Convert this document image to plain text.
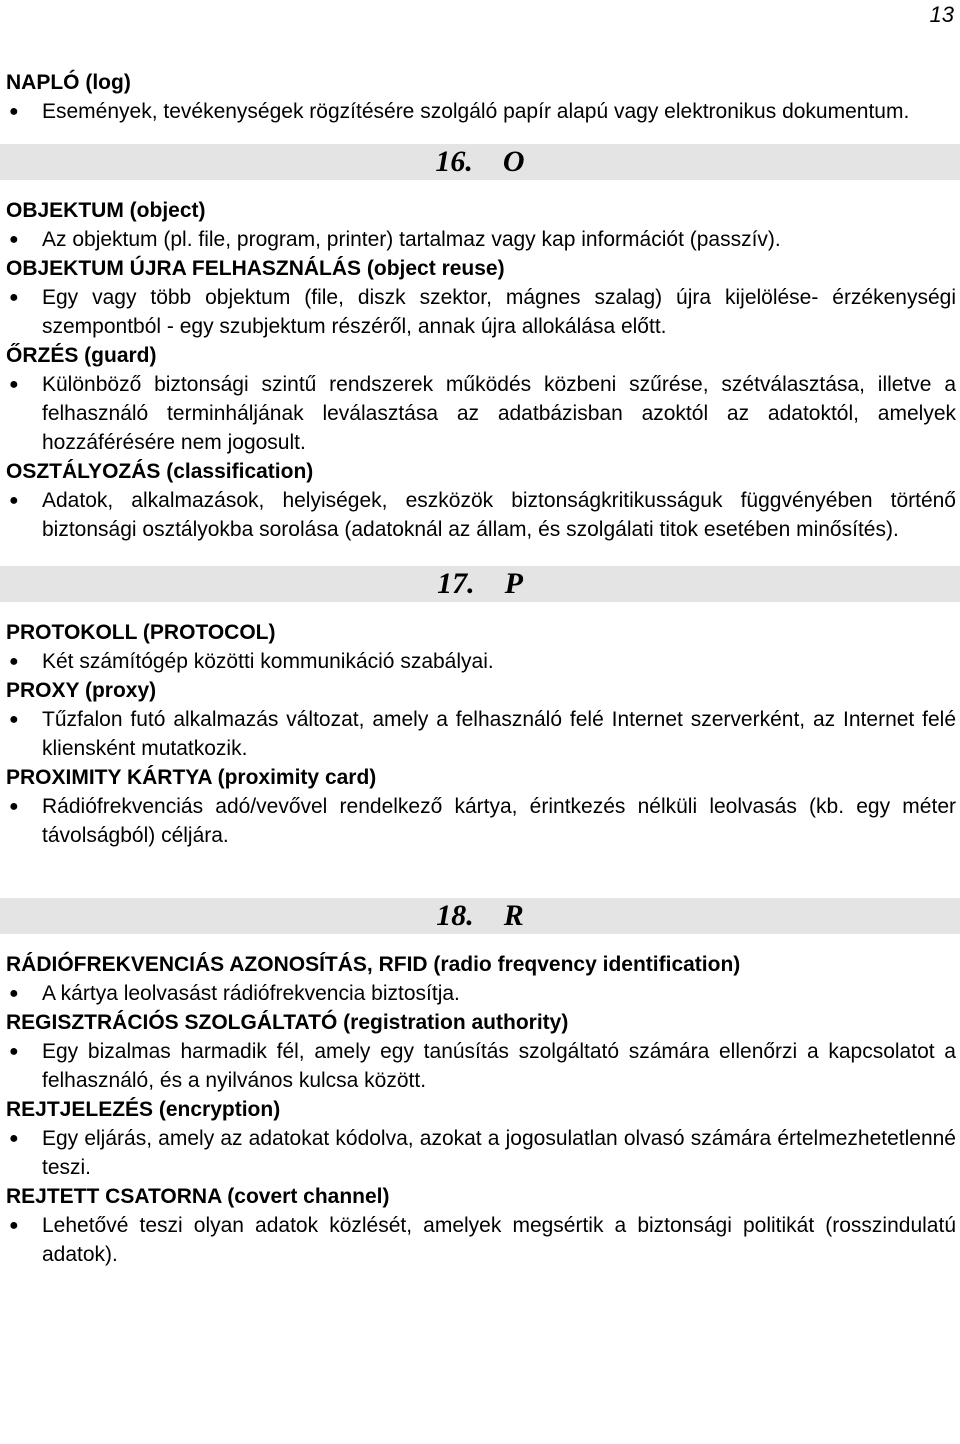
13

NAPLÓ (log)

● Események, tevékenységek rögzítésére szolgáló papír alapú vagy elektronikus dokumentum.

16. O

OBJEKTUM (object)

● Az objektum (pl. file, program, printer) tartalmaz vagy kap információt (passzív).

OBJEKTUM ÚJRA FELHASZNÁLÁS (object reuse)

● Egy vagy több objektum (file, diszk szektor, mágnes szalag) újra kijelölése- érzékenységi szempontból - egy szubjektum részéről, annak újra allokálása előtt.

ŐRZÉS (guard)

● Különböző biztonsági szintű rendszerek működés közbeni szűrése, szétválasztása, illetve a felhasználó terminháljának leválasztása az adatbázisban azoktól az adatoktól, amelyek hozzáférésére nem jogosult.

OSZTÁLYOZÁS (classification)

● Adatok, alkalmazások, helyiségek, eszközök biztonságkritikusságuk függvényében történő biztonsági osztályokba sorolása (adatoknál az állam, és szolgálati titok esetében minősítés).

17. P

PROTOKOLL (PROTOCOL)

● Két számítógép közötti kommunikáció szabályai.

PROXY (proxy)

● Tűzfalon futó alkalmazás változat, amely a felhasználó felé Internet szerverként, az Internet felé kliensként mutatkozik.

PROXIMITY KÁRTYA (proximity card)

● Rádiófrekvenciás adó/vevővel rendelkező kártya, érintkezés nélküli leolvasás (kb. egy méter távolságból) céljára.

18. R

RÁDIÓFREKVENCIÁS AZONOSÍTÁS, RFID (radio freqvency identification)

● A kártya leolvasást rádiófrekvencia biztosítja.

REGISZTRÁCIÓS SZOLGÁLTATÓ (registration authority)

● Egy bizalmas harmadik fél, amely egy tanúsítás szolgáltató számára ellenőrzi a kapcsolatot a felhasználó, és a nyilvános kulcsa között.

REJTJELEZÉS (encryption)

● Egy eljárás, amely az adatokat kódolva, azokat a jogosulatlan olvasó számára értelmezhetetlenné teszi.

REJTETT CSATORNA (covert channel)

● Lehetővé teszi olyan adatok közlését, amelyek megsértik a biztonsági politikát (rosszindulatú adatok).
